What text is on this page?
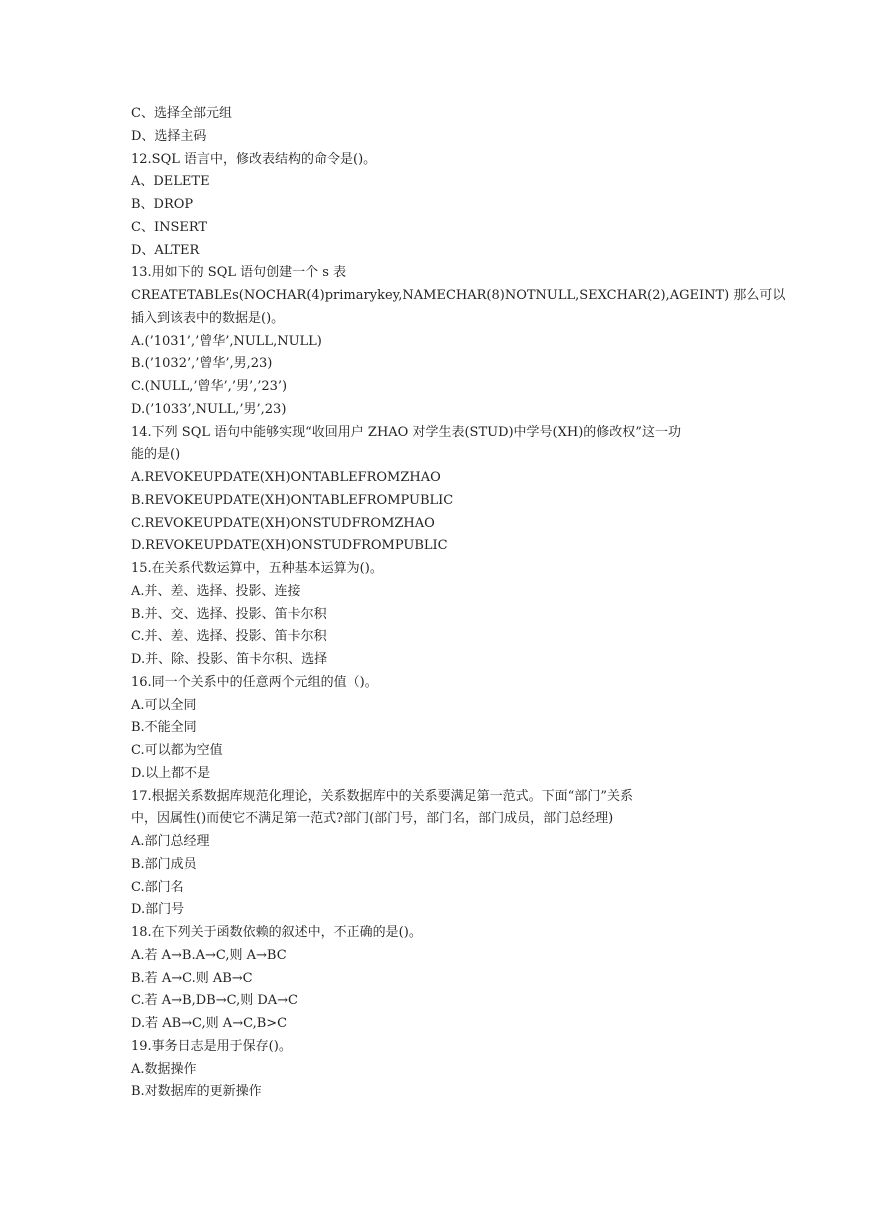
C、选择全部元组
D、选择主码
12.SQL 语言中，修改表结构的命令是()。
A、DELETE
B、DROP
C、INSERT
D、ALTER
13.用如下的 SQL 语句创建一个 s 表
CREATETABLEs(NOCHAR(4)primarykey,NAMECHAR(8)NOTNULL,SEXCHAR(2),AGEINT) 那么可以
插入到该表中的数据是()。
A.(’1031’,’曾华’,NULL,NULL)
B.(’1032’,’曾华’,男,23)
C.(NULL,’曾华’,’男’,’23’)
D.(’1033’,NULL,’男’,23)
14.下列 SQL 语句中能够实现“收回用户 ZHAO 对学生表(STUD)中学号(XH)的修改权”这一功
能的是()
A.REVOKEUPDATE(XH)ONTABLEFROMZHAO
B.REVOKEUPDATE(XH)ONTABLEFROMPUBLIC
C.REVOKEUPDATE(XH)ONSTUDFROMZHAO
D.REVOKEUPDATE(XH)ONSTUDFROMPUBLIC
15.在关系代数运算中，五种基本运算为()。
A.并、差、选择、投影、连接
B.并、交、选择、投影、笛卡尔积
C.并、差、选择、投影、笛卡尔积
D.并、除、投影、笛卡尔积、选择
16.同一个关系中的任意两个元组的值（)。
A.可以全同
B.不能全同
C.可以都为空值
D.以上都不是
17.根据关系数据库规范化理论，关系数据库中的关系要满足第一范式。下面“部门”关系
中，因属性()而使它不满足第一范式?部门(部门号，部门名，部门成员，部门总经理)
A.部门总经理
B.部门成员
C.部门名
D.部门号
18.在下列关于函数依赖的叙述中，不正确的是()。
A.若 A→B.A→C,则 A→BC
B.若 A→C.则 AB→C
C.若 A→B,DB→C,则 DA→C
D.若 AB→C,则 A→C,B>C
19.事务日志是用于保存()。
A.数据操作
B.对数据库的更新操作
